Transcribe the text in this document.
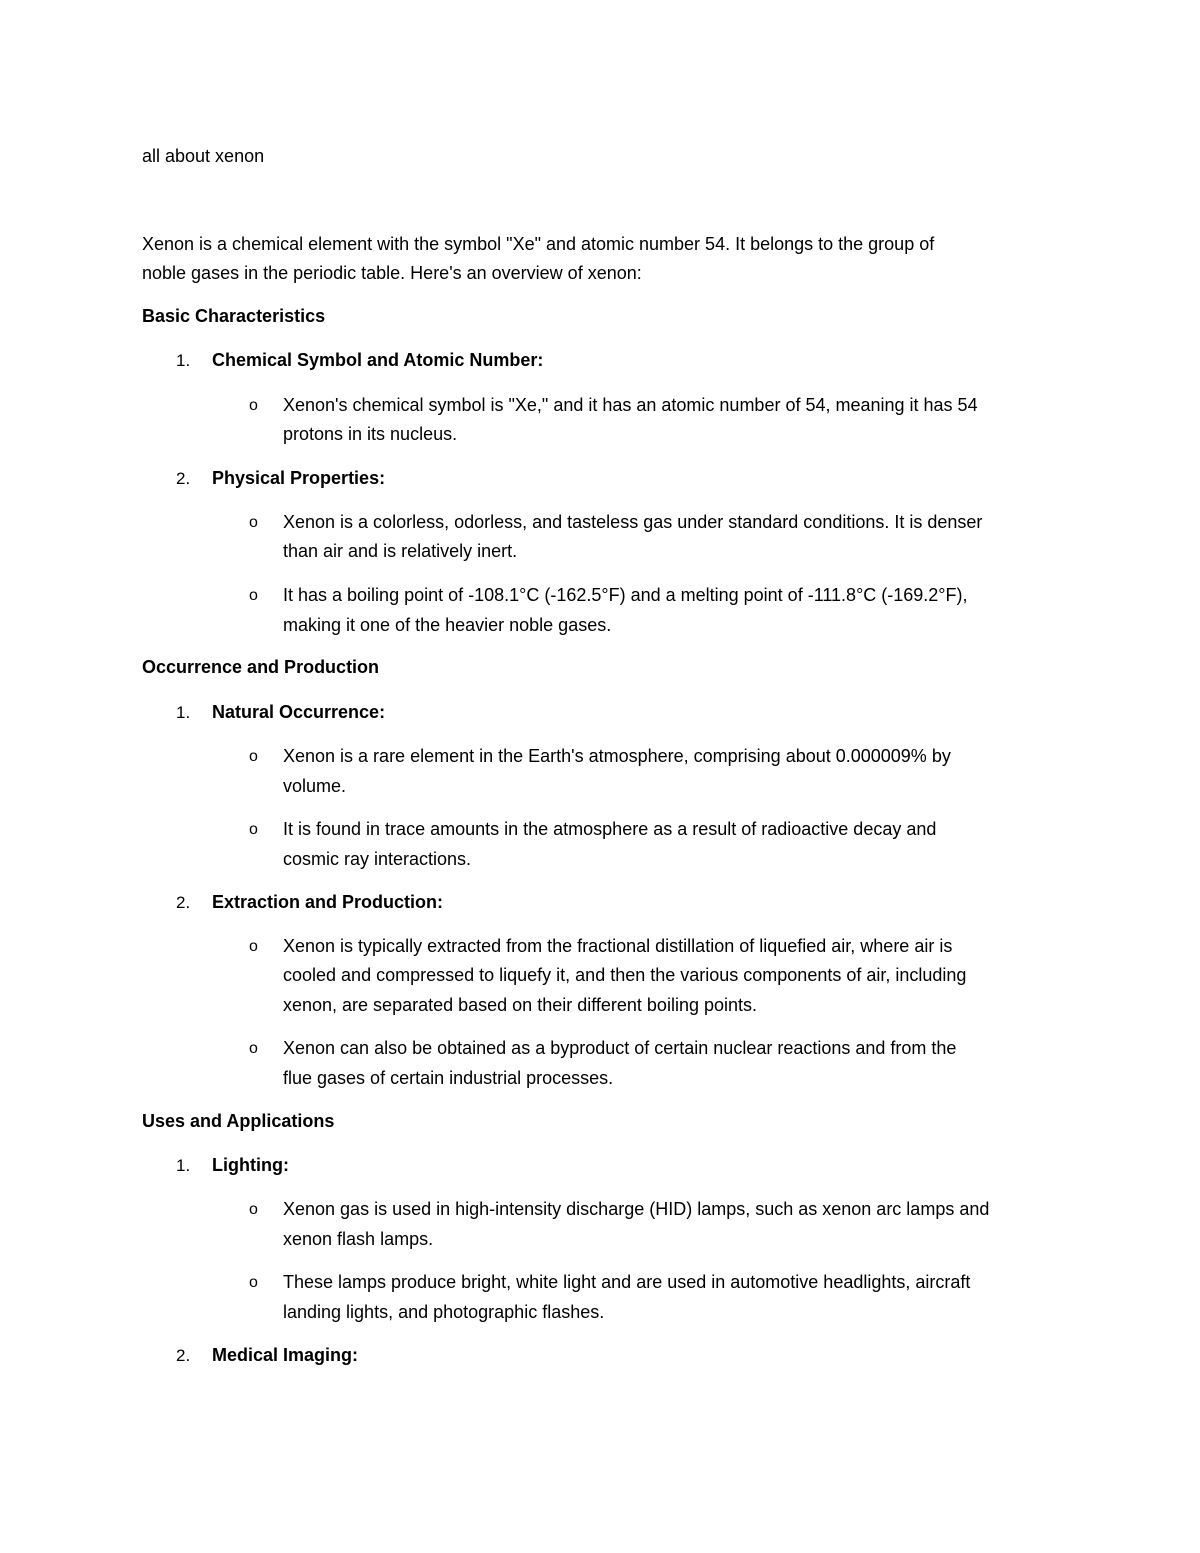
all about xenon
Xenon is a chemical element with the symbol "Xe" and atomic number 54. It belongs to the group of
noble gases in the periodic table. Here's an overview of xenon:
Basic Characteristics
1. Chemical Symbol and Atomic Number:
o Xenon's chemical symbol is "Xe," and it has an atomic number of 54, meaning it has 54
protons in its nucleus.
2. Physical Properties:
o Xenon is a colorless, odorless, and tasteless gas under standard conditions. It is denser
than air and is relatively inert.
o It has a boiling point of -108.1°C (-162.5°F) and a melting point of -111.8°C (-169.2°F),
making it one of the heavier noble gases.
Occurrence and Production
1. Natural Occurrence:
o Xenon is a rare element in the Earth's atmosphere, comprising about 0.000009% by
volume.
o It is found in trace amounts in the atmosphere as a result of radioactive decay and
cosmic ray interactions.
2. Extraction and Production:
o Xenon is typically extracted from the fractional distillation of liquefied air, where air is
cooled and compressed to liquefy it, and then the various components of air, including
xenon, are separated based on their different boiling points.
o Xenon can also be obtained as a byproduct of certain nuclear reactions and from the
flue gases of certain industrial processes.
Uses and Applications
1. Lighting:
o Xenon gas is used in high-intensity discharge (HID) lamps, such as xenon arc lamps and
xenon flash lamps.
o These lamps produce bright, white light and are used in automotive headlights, aircraft
landing lights, and photographic flashes.
2. Medical Imaging:
